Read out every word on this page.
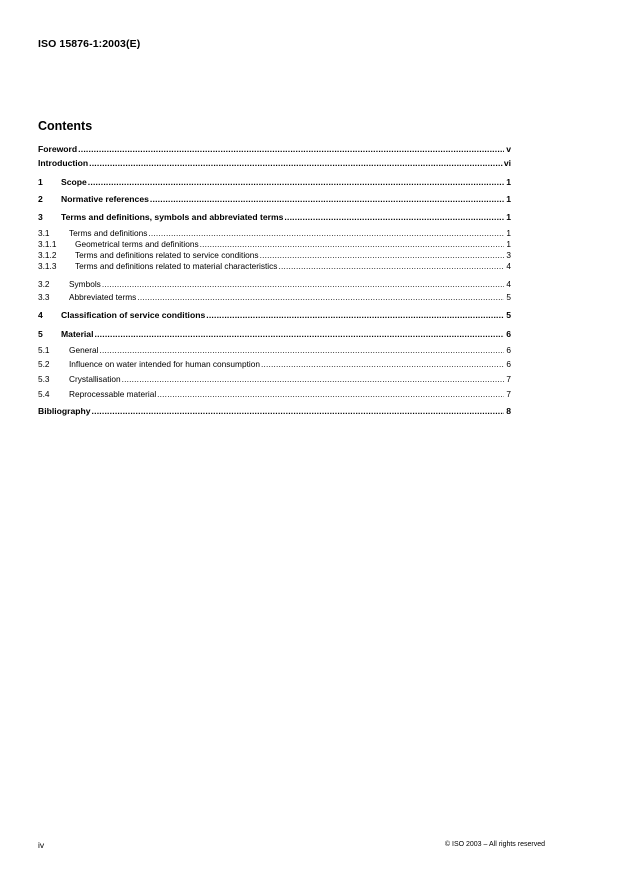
ISO 15876-1:2003(E)
Contents
Foreword .....	v
Introduction .....	vi
1	Scope .....	1
2	Normative references .....	1
3	Terms and definitions, symbols and abbreviated terms .....	1
3.1	Terms and definitions .....	1
3.1.1	Geometrical terms and definitions .....	1
3.1.2	Terms and definitions related to service conditions .....	3
3.1.3	Terms and definitions related to material characteristics .....	4
3.2	Symbols .....	4
3.3	Abbreviated terms .....	5
4	Classification of service conditions .....	5
5	Material .....	6
5.1	General .....	6
5.2	Influence on water intended for human consumption .....	6
5.3	Crystallisation .....	7
5.4	Reprocessable material .....	7
Bibliography .....	8
iv	© ISO 2003 – All rights reserved
